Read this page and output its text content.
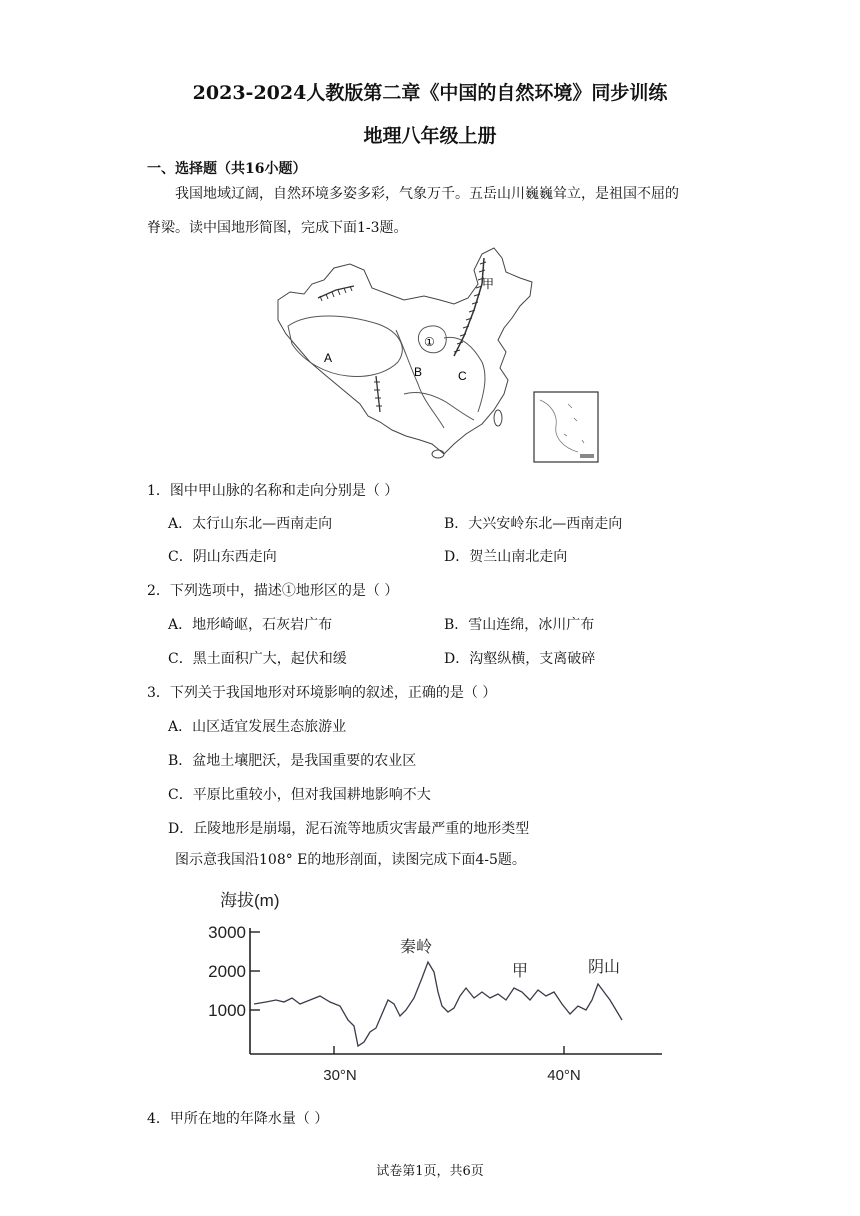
2023-2024人教版第二章《中国的自然环境》同步训练
地理八年级上册
一、选择题（共16小题）
我国地域辽阔，自然环境多姿多彩，气象万千。五岳山川巍巍耸立，是祖国不屈的
脊梁。读中国地形简图，完成下面1-3题。
甲
A
B	C
①
1．图中甲山脉的名称和走向分别是（ ）
A．太行山东北—西南走向	B．大兴安岭东北—西南走向
C．阴山东西走向	D．贺兰山南北走向
2．下列选项中，描述①地形区的是（ ）
A．地形崎岖，石灰岩广布	B．雪山连绵，冰川广布
C．黑土面积广大，起伏和缓	D．沟壑纵横，支离破碎
3．下列关于我国地形对环境影响的叙述，正确的是（ ）
A．山区适宜发展生态旅游业
B．盆地土壤肥沃，是我国重要的农业区
C．平原比重较小，但对我国耕地影响不大
D．丘陵地形是崩塌，泥石流等地质灾害最严重的地形类型
图示意我国沿108° E的地形剖面，读图完成下面4-5题。
海拔(m)
3000
2000
1000
30°N	40°N
秦岭
甲	阴山
4．甲所在地的年降水量（ ）
试卷第1页，共6页
